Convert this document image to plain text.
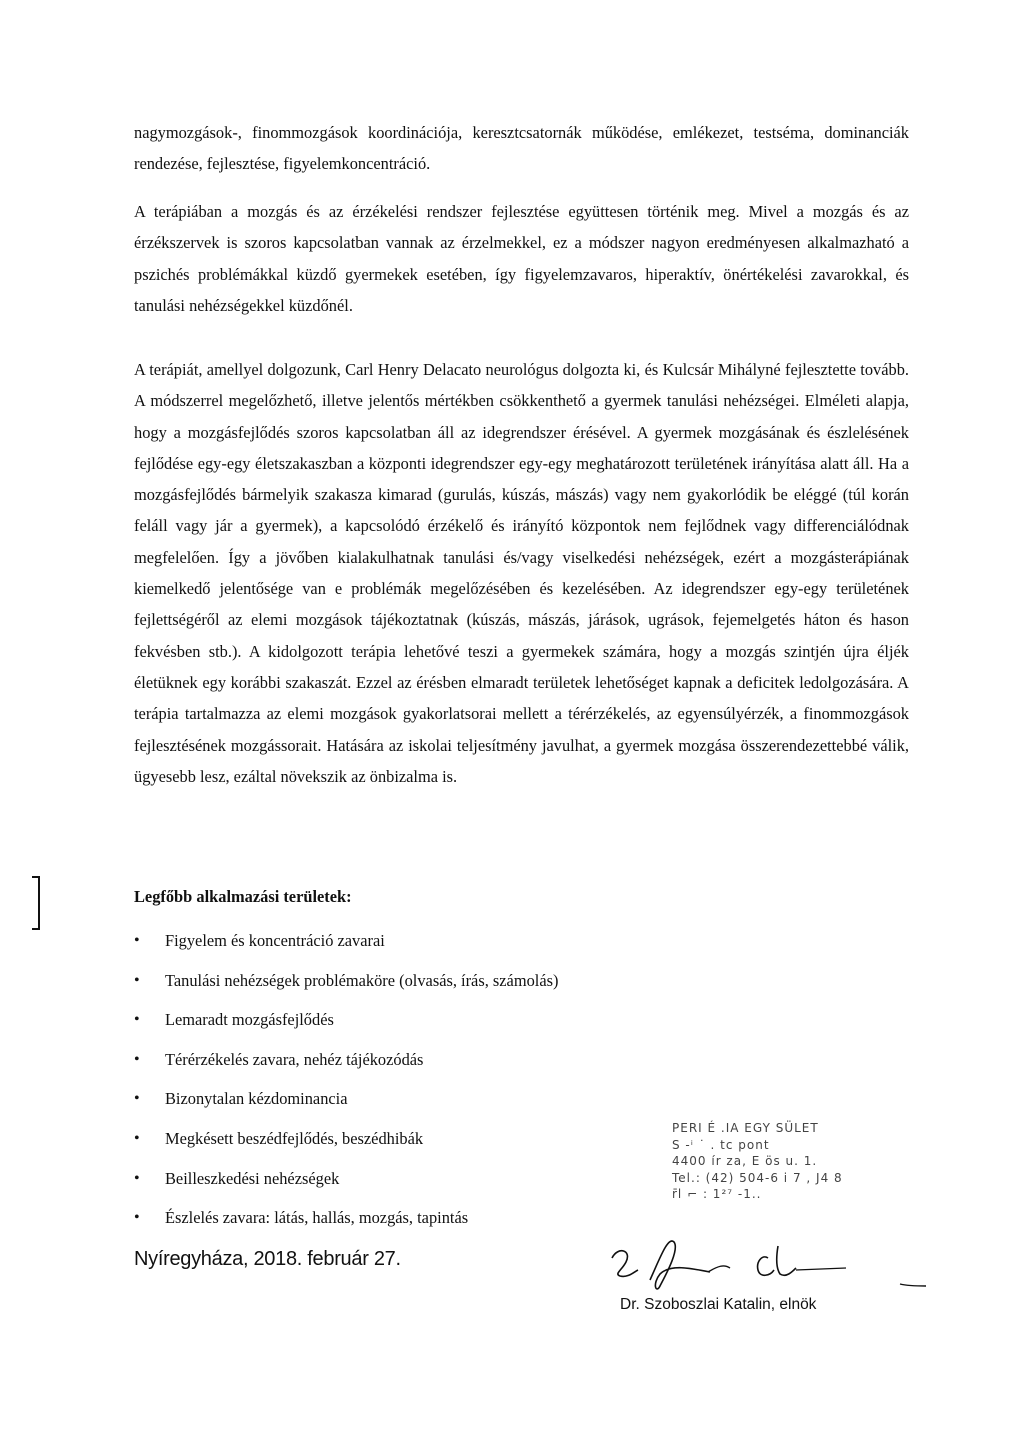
nagymozgások-, finommozgások koordinációja, keresztcsatornák működése, emlékezet, testséma, dominanciák rendezése, fejlesztése, figyelemkoncentráció.

A terápiában a mozgás és az érzékelési rendszer fejlesztése együttesen történik meg. Mivel a mozgás és az érzékszervek is szoros kapcsolatban vannak az érzelmekkel, ez a módszer nagyon eredményesen alkalmazható a pszichés problémákkal küzdő gyermekek esetében, így figyelemzavaros, hiperaktív, önértékelési zavarokkal, és tanulási nehézségekkel küzdőnél.

A terápiát, amellyel dolgozunk, Carl Henry Delacato neurológus dolgozta ki, és Kulcsár Mihályné fejlesztette tovább. A módszerrel megelőzhető, illetve jelentős mértékben csökkenthető a gyermek tanulási nehézségei. Elméleti alapja, hogy a mozgásfejlődés szoros kapcsolatban áll az idegrendszer érésével. A gyermek mozgásának és észlelésének fejlődése egy-egy életszakaszban a központi idegrendszer egy-egy meghatározott területének irányítása alatt áll. Ha a mozgásfejlődés bármelyik szakasza kimarad (gurulás, kúszás, mászás) vagy nem gyakorlódik be eléggé (túl korán feláll vagy jár a gyermek), a kapcsolódó érzékelő és irányító központok nem fejlődnek vagy differenciálódnak megfelelően. Így a jövőben kialakulhatnak tanulási és/vagy viselkedési nehézségek, ezért a mozgásterápiának kiemelkedő jelentősége van e problémák megelőzésében és kezelésében. Az idegrendszer egy-egy területének fejlettségéről az elemi mozgások tájékoztatnak (kúszás, mászás, járások, ugrások, fejemelgetés háton és hason fekvésben stb.). A kidolgozott terápia lehetővé teszi a gyermekek számára, hogy a mozgás szintjén újra éljék életüknek egy korábbi szakaszát. Ezzel az érésben elmaradt területek lehetőséget kapnak a deficitek ledolgozására. A terápia tartalmazza az elemi mozgások gyakorlatsorai mellett a térérzékelés, az egyensúlyérzék, a finommozgások fejlesztésének mozgássorait. Hatására az iskolai teljesítmény javulhat, a gyermek mozgása összerendezettebbé válik, ügyesebb lesz, ezáltal növekszik az önbizalma is.

Legfőbb alkalmazási területek:

• Figyelem és koncentráció zavarai
• Tanulási nehézségek problémaköre (olvasás, írás, számolás)
• Lemaradt mozgásfejlődés
• Térérzékelés zavara, nehéz tájékozódás
• Bizonytalan kézdominancia
• Megkésett beszédfejlődés, beszédhibák
• Beilleszkedési nehézségek
• Észlelés zavara: látás, hallás, mozgás, tapintás

Nyíregyháza, 2018. február 27.

PERI É .IA EGY SÜLET
S -ⁱ ˙ . tc pont
4400 ír za, E ös u. 1.
Tel.: (42) 504-6 i 7 , J4 8
r̄l ⌐ : 1²⁷ -1..

Dr. Szoboszlai Katalin, elnök
